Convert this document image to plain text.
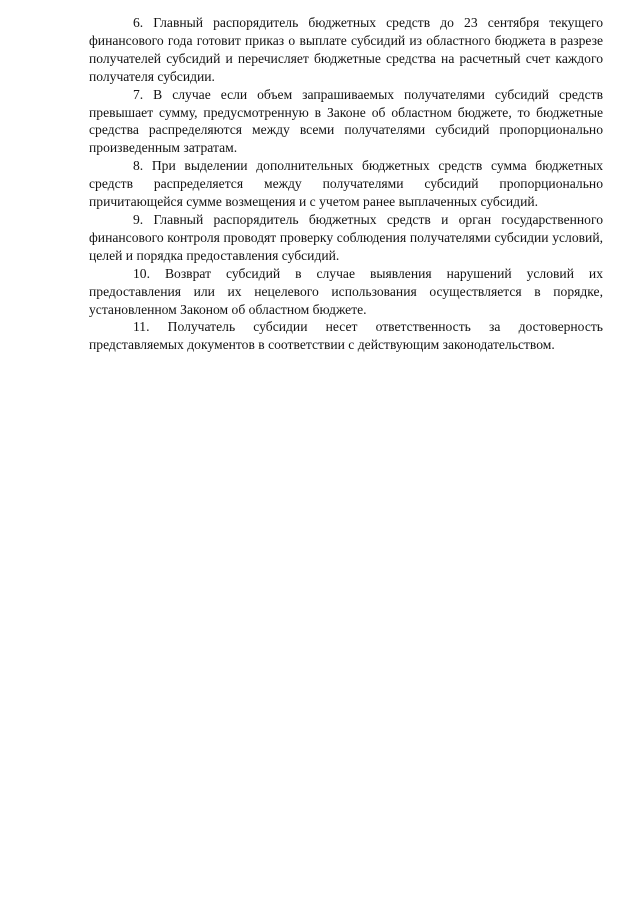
6. Главный распорядитель бюджетных средств до 23 сентября текущего финансового года готовит приказ о выплате субсидий из областного бюджета в разрезе получателей субсидий и перечисляет бюджетные средства на расчетный счет каждого получателя субсидии.

7. В случае если объем запрашиваемых получателями субсидий средств превышает сумму, предусмотренную в Законе об областном бюджете, то бюджетные средства распределяются между всеми получателями субсидий пропорционально произведенным затратам.

8. При выделении дополнительных бюджетных средств сумма бюджетных средств распределяется между получателями субсидий пропорционально причитающейся сумме возмещения и с учетом ранее выплаченных субсидий.

9. Главный распорядитель бюджетных средств и орган государственного финансового контроля проводят проверку соблюдения получателями субсидии условий, целей и порядка предоставления субсидий.

10. Возврат субсидий в случае выявления нарушений условий их предоставления или их нецелевого использования осуществляется в порядке, установленном Законом об областном бюджете.

11. Получатель субсидии несет ответственность за достоверность представляемых документов в соответствии с действующим законодательством.
